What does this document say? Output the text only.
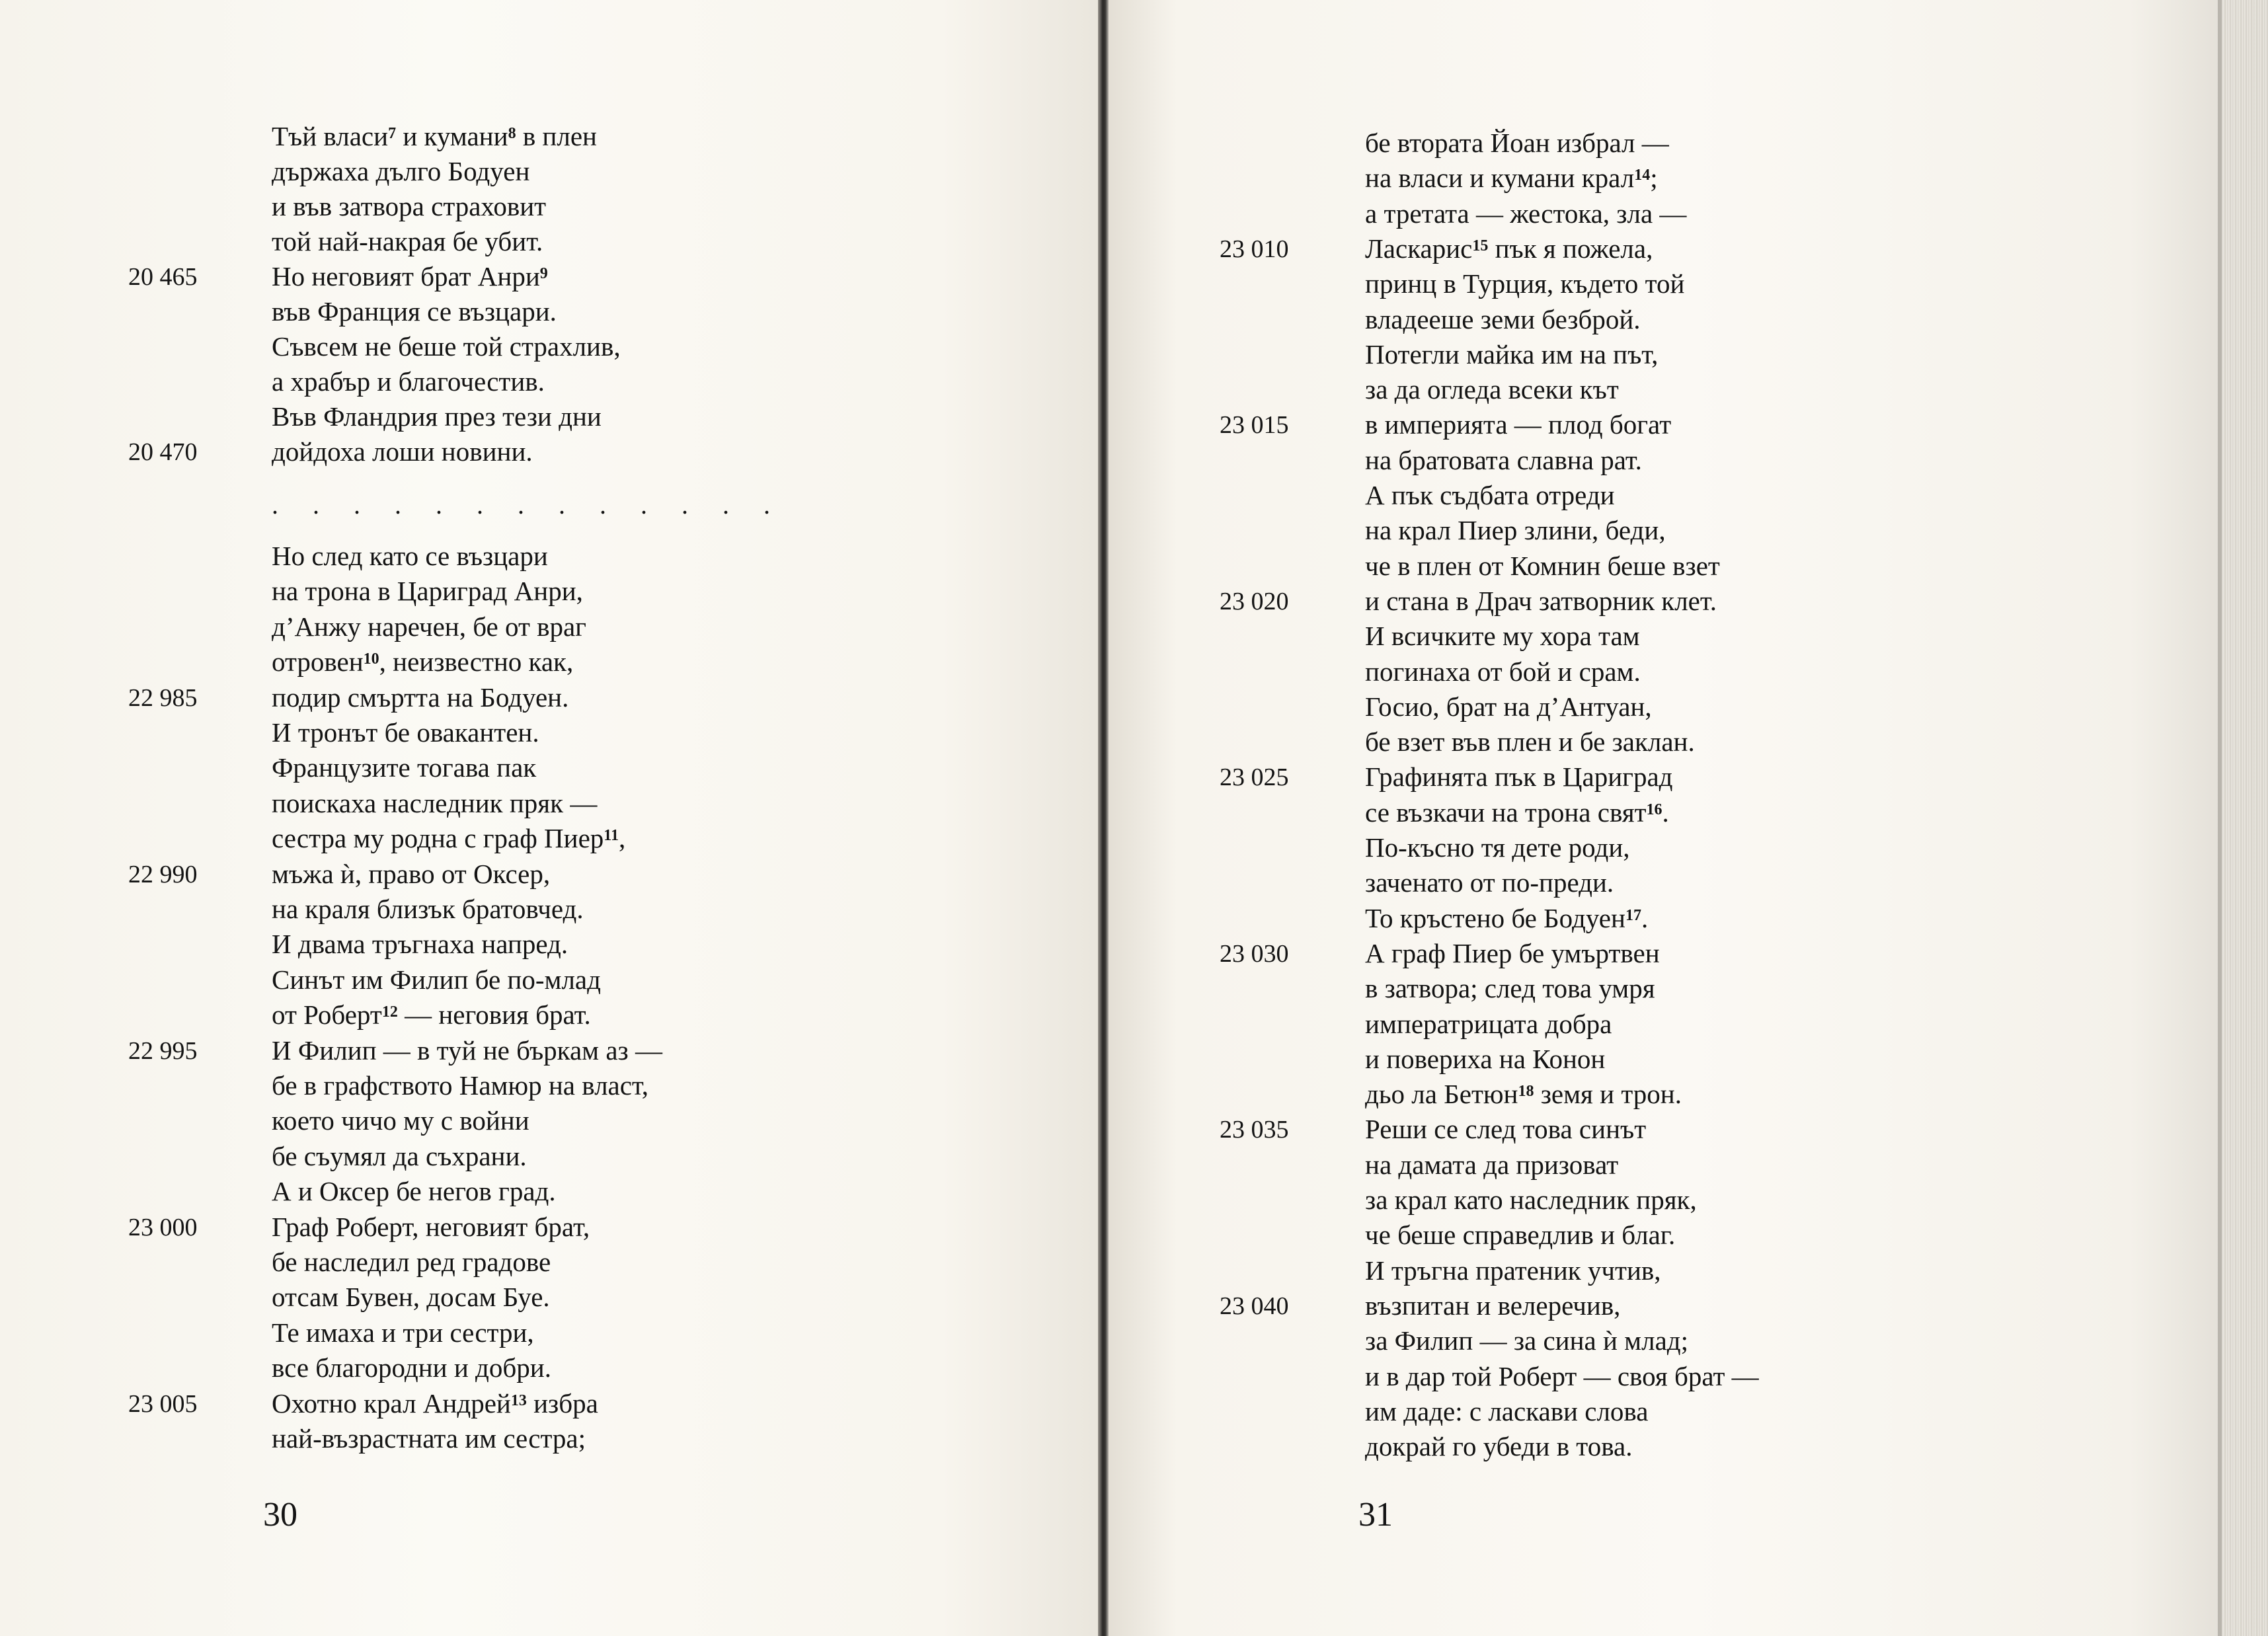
Тъй власи$^7$ и кумани$^8$ в плен
държаха дълго Бодуен
и във затвора страховит
той най-накрая бе убит.
20 465	Но неговият брат Анри$^9$
във Франция се възцари.
Съвсем не беше той страхлив,
а храбър и благочестив.
Във Фландрия през тези дни
20 470	дойдоха лоши новини.
. . . . . . . . . . . . .
Но след като се възцари
на трона в Цариград Анри,
д’Анжу наречен, бе от враг
отровен$^{10}$, неизвестно как,
22 985	подир смъртта на Бодуен.
И тронът бе овакантен.
Французите тогава пак
поискаха наследник пряк —
сестра му родна с граф Пиер$^{11}$,
22 990	мъжа ѝ, право от Оксер,
на краля близък братовчед.
И двама тръгнаха напред.
Синът им Филип бе по-млад
от Роберт$^{12}$ — неговия брат.
22 995	И Филип — в туй не бъркам аз —
бе в графството Намюр на власт,
което чичо му с войни
бе съумял да съхрани.
А и Оксер бе негов град.
23 000	Граф Роберт, неговият брат,
бе наследил ред градове
отсам Бувен, досам Буе.
Те имаха и три сестри,
все благородни и добри.
23 005	Охотно крал Андрей$^{13}$ избра
най-възрастната им сестра;
30
бе втората Йоан избрал —
на власи и кумани крал$^{14}$;
а третата — жестока, зла —
23 010	Ласкарис$^{15}$ пък я пожела,
принц в Турция, където той
владееше земи безброй.
Потегли майка им на път,
за да огледа всеки кът
23 015	в империята — плод богат
на братовата славна рат.
А пък съдбата отреди
на крал Пиер злини, беди,
че в плен от Комнин беше взет
23 020	и стана в Драч затворник клет.
И всичките му хора там
погинаха от бой и срам.
Госио, брат на д’Антуан,
бе взет във плен и бе заклан.
23 025	Графинята пък в Цариград
се възкачи на трона свят$^{16}$.
По-късно тя дете роди,
заченато от по-преди.
То кръстено бе Бодуен$^{17}$.
23 030	А граф Пиер бе умъртвен
в затвора; след това умря
императрицата добра
и повериха на Конон
дьо ла Бетюн$^{18}$ земя и трон.
23 035	Реши се след това синът
на дамата да призоват
за крал като наследник пряк,
че беше справедлив и благ.
И тръгна пратеник учтив,
23 040	възпитан и велеречив,
за Филип — за сина ѝ млад;
и в дар той Роберт — своя брат —
им даде: с ласкави слова
докрай го убеди в това.
31
